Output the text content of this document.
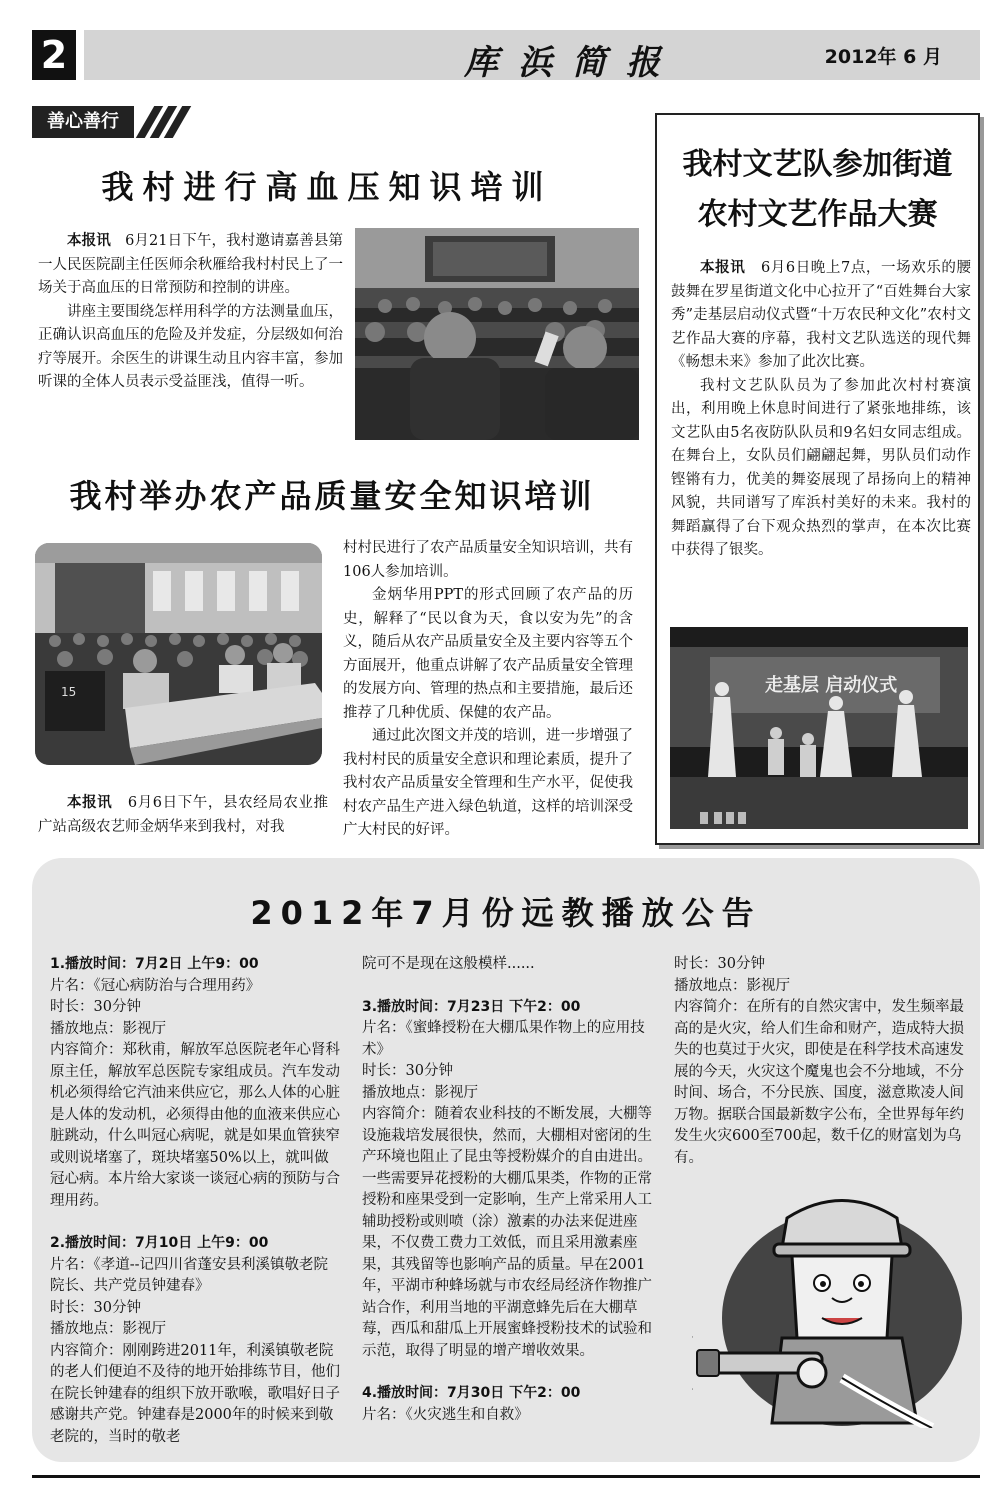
2	库浜简报	2012年 6 月
善心善行
我村进行高血压知识培训

本报讯 6月21日下午，我村邀请嘉善县第一人民医院副主任医师余秋雁给我村村民上了一场关于高血压的日常预防和控制的讲座。

讲座主要围绕怎样用科学的方法测量血压，正确认识高血压的危险及并发症，分层级如何治疗等展开。余医生的讲课生动且内容丰富，参加听课的全体人员表示受益匪浅，值得一听。

我村举办农产品质量安全知识培训
15

本报讯 6月6日下午，县农经局农业推广站高级农艺师金炳华来到我村，对我

村村民进行了农产品质量安全知识培训，共有106人参加培训。

金炳华用PPT的形式回顾了农产品的历史，解释了“民以食为天，食以安为先”的含义，随后从农产品质量安全及主要内容等五个方面展开，他重点讲解了农产品质量安全管理的发展方向、管理的热点和主要措施，最后还推荐了几种优质、保健的农产品。

通过此次图文并茂的培训，进一步增强了我村村民的质量安全意识和理论素质，提升了我村农产品质量安全管理和生产水平，促使我村农产品生产进入绿色轨道，这样的培训深受广大村民的好评。

我村文艺队参加街道
农村文艺作品大赛

本报讯 6月6日晚上7点，一场欢乐的腰鼓舞在罗星街道文化中心拉开了“百姓舞台大家秀”走基层启动仪式暨“十万农民种文化”农村文艺作品大赛的序幕，我村文艺队选送的现代舞《畅想未来》参加了此次比赛。

我村文艺队队员为了参加此次村村赛演出，利用晚上休息时间进行了紧张地排练，该文艺队由5名夜防队队员和9名妇女同志组成。在舞台上，女队员们翩翩起舞，男队员们动作铿锵有力，优美的舞姿展现了昂扬向上的精神风貌，共同谱写了库浜村美好的未来。我村的舞蹈赢得了台下观众热烈的掌声，在本次比赛中获得了银奖。

走基层 启动仪式
2012年7月份远教播放公告
1.播放时间：7月2日 上午9：00
片名：《冠心病防治与合理用药》
时长：30分钟
播放地点：影视厅
内容简介：郑秋甫，解放军总医院老年心肾科原主任，解放军总医院专家组成员。汽车发动机必须得给它汽油来供应它，那么人体的心脏是人体的发动机，必须得由他的血液来供应心脏跳动，什么叫冠心病呢，就是如果血管狭窄或则说堵塞了，斑块堵塞50%以上，就叫做冠心病。本片给大家谈一谈冠心病的预防与合理用药。
2.播放时间：7月10日 上午9：00
片名：《孝道--记四川省蓬安县利溪镇敬老院院长、共产党员钟建春》
时长：30分钟
播放地点：影视厅
内容简介：刚刚跨进2011年，利溪镇敬老院的老人们便迫不及待的地开始排练节目，他们在院长钟建春的组织下放开歌喉，歌唱好日子感谢共产党。钟建春是2000年的时候来到敬老院的，当时的敬老
院可不是现在这般模样......
3.播放时间：7月23日 下午2：00
片名：《蜜蜂授粉在大棚瓜果作物上的应用技术》
时长：30分钟
播放地点：影视厅
内容简介：随着农业科技的不断发展，大棚等设施栽培发展很快，然而，大棚相对密闭的生产环境也阻止了昆虫等授粉媒介的自由进出。一些需要异花授粉的大棚瓜果类，作物的正常授粉和座果受到一定影响，生产上常采用人工辅助授粉或则喷（涂）激素的办法来促进座果，不仅费工费力工效低，而且采用激素座果，其残留等也影响产品的质量。早在2001年，平湖市种蜂场就与市农经局经济作物推广站合作，利用当地的平湖意蜂先后在大棚草莓，西瓜和甜瓜上开展蜜蜂授粉技术的试验和示范，取得了明显的增产增收效果。
4.播放时间：7月30日 下午2：00
片名：《火灾逃生和自救》
时长：30分钟
播放地点：影视厅
内容简介：在所有的自然灾害中，发生频率最高的是火灾，给人们生命和财产，造成特大损失的也莫过于火灾，即使是在科学技术高速发展的今天，火灾这个魔鬼也会不分地域，不分时间、场合，不分民族、国度，滋意欺凌人间万物。据联合国最新数字公布，全世界每年约发生火灾600至700起，数千亿的财富划为乌有。
